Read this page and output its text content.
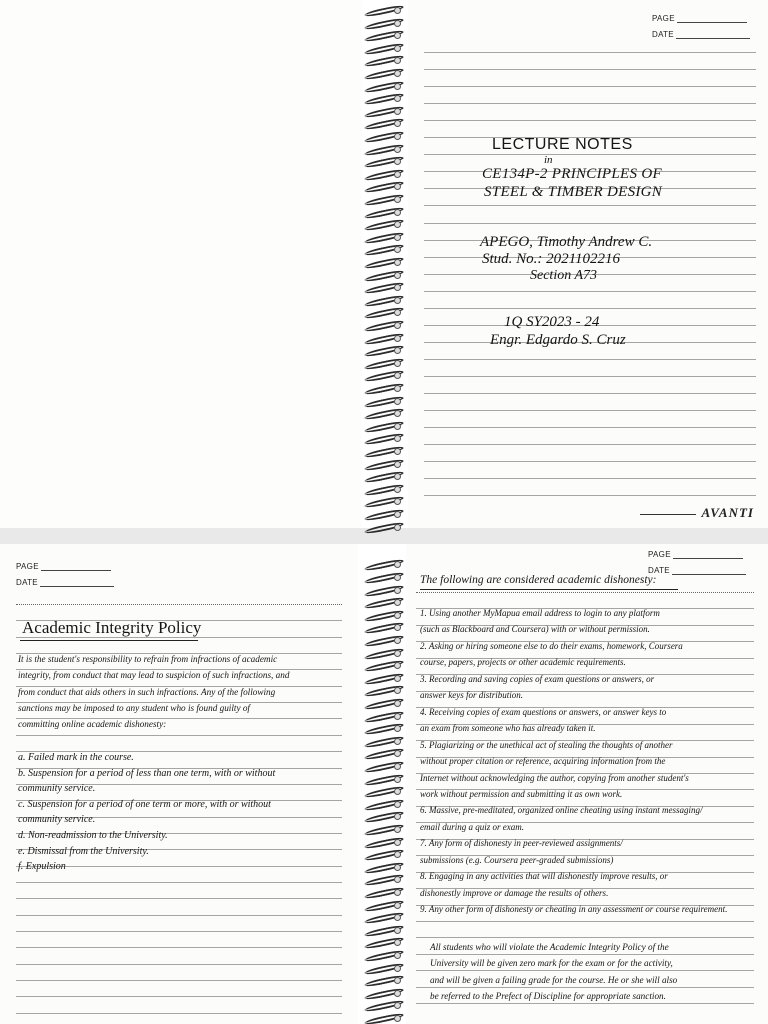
PAGE
DATE
LECTURE NOTES
in
CE134P-2 PRINCIPLES OF
STEEL & TIMBER DESIGN
APEGO, Timothy Andrew C.
Stud. No.: 2021102216
Section A73
1Q SY2023 - 24
Engr. Edgardo S. Cruz
AVANTI
PAGE
DATE
Academic Integrity Policy
It is the student's responsibility to refrain from infractions of academic
integrity, from conduct that may lead to suspicion of such infractions, and
from conduct that aids others in such infractions. Any of the following
sanctions may be imposed to any student who is found guilty of
committing online academic dishonesty:
a. Failed mark in the course.
b. Suspension for a period of less than one term, with or without
community service.
c. Suspension for a period of one term or more, with or without
community service.
d. Non-readmission to the University.
e. Dismissal from the University.
f. Expulsion
PAGE
DATE
The following are considered academic dishonesty:
1. Using another MyMapua email address to login to any platform
(such as Blackboard and Coursera) with or without permission.
2. Asking or hiring someone else to do their exams, homework, Coursera
course, papers, projects or other academic requirements.
3. Recording and saving copies of exam questions or answers, or
answer keys for distribution.
4. Receiving copies of exam questions or answers, or answer keys to
an exam from someone who has already taken it.
5. Plagiarizing or the unethical act of stealing the thoughts of another
without proper citation or reference, acquiring information from the
Internet without acknowledging the author, copying from another student's
work without permission and submitting it as own work.
6. Massive, pre-meditated, organized online cheating using instant messaging/
email during a quiz or exam.
7. Any form of dishonesty in peer-reviewed assignments/
submissions (e.g. Coursera peer-graded submissions)
8. Engaging in any activities that will dishonestly improve results, or
dishonestly improve or damage the results of others.
9. Any other form of dishonesty or cheating in any assessment or course requirement.
All students who will violate the Academic Integrity Policy of the
University will be given zero mark for the exam or for the activity,
and will be given a failing grade for the course. He or she will also
be referred to the Prefect of Discipline for appropriate sanction.
